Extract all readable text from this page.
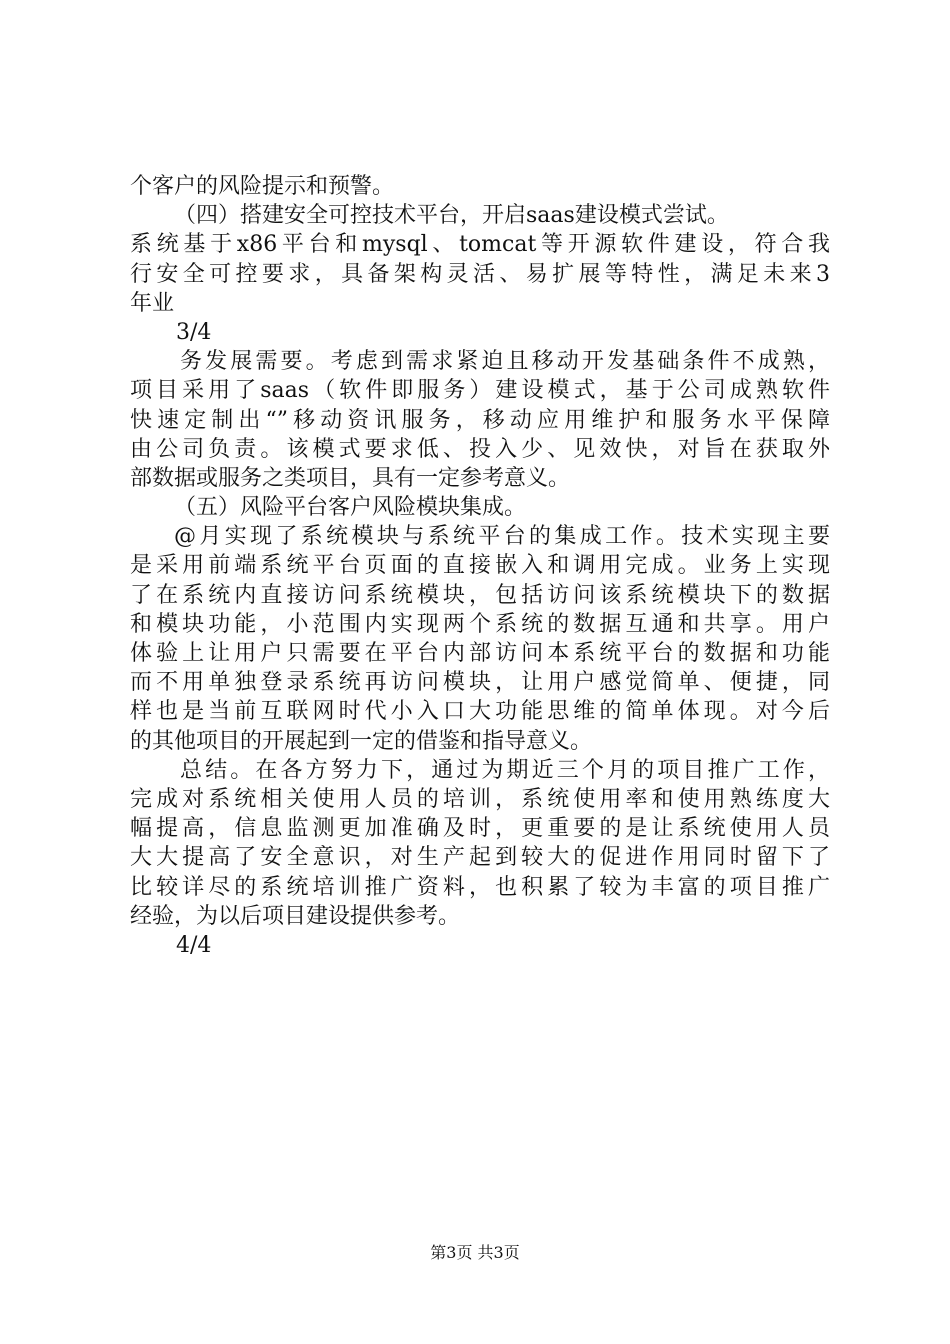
个客户的风险提示和预警。
（四）搭建安全可控技术平台，开启saas建设模式尝试。
系统基于x86平台和mysql、tomcat等开源软件建设，符合我
行安全可控要求，具备架构灵活、易扩展等特性，满足未来3
年业
3/4
务发展需要。考虑到需求紧迫且移动开发基础条件不成熟，
项目采用了saas（软件即服务）建设模式，基于公司成熟软件
快速定制出“”移动资讯服务，移动应用维护和服务水平保障
由公司负责。该模式要求低、投入少、见效快，对旨在获取外
部数据或服务之类项目，具有一定参考意义。
（五）风险平台客户风险模块集成。
@月实现了系统模块与系统平台的集成工作。技术实现主要
是采用前端系统平台页面的直接嵌入和调用完成。业务上实现
了在系统内直接访问系统模块，包括访问该系统模块下的数据
和模块功能，小范围内实现两个系统的数据互通和共享。用户
体验上让用户只需要在平台内部访问本系统平台的数据和功能
而不用单独登录系统再访问模块，让用户感觉简单、便捷，同
样也是当前互联网时代小入口大功能思维的简单体现。对今后
的其他项目的开展起到一定的借鉴和指导意义。
总结。在各方努力下，通过为期近三个月的项目推广工作，
完成对系统相关使用人员的培训，系统使用率和使用熟练度大
幅提高，信息监测更加准确及时，更重要的是让系统使用人员
大大提高了安全意识，对生产起到较大的促进作用同时留下了
比较详尽的系统培训推广资料，也积累了较为丰富的项目推广
经验，为以后项目建设提供参考。
4/4
第3页 共3页
